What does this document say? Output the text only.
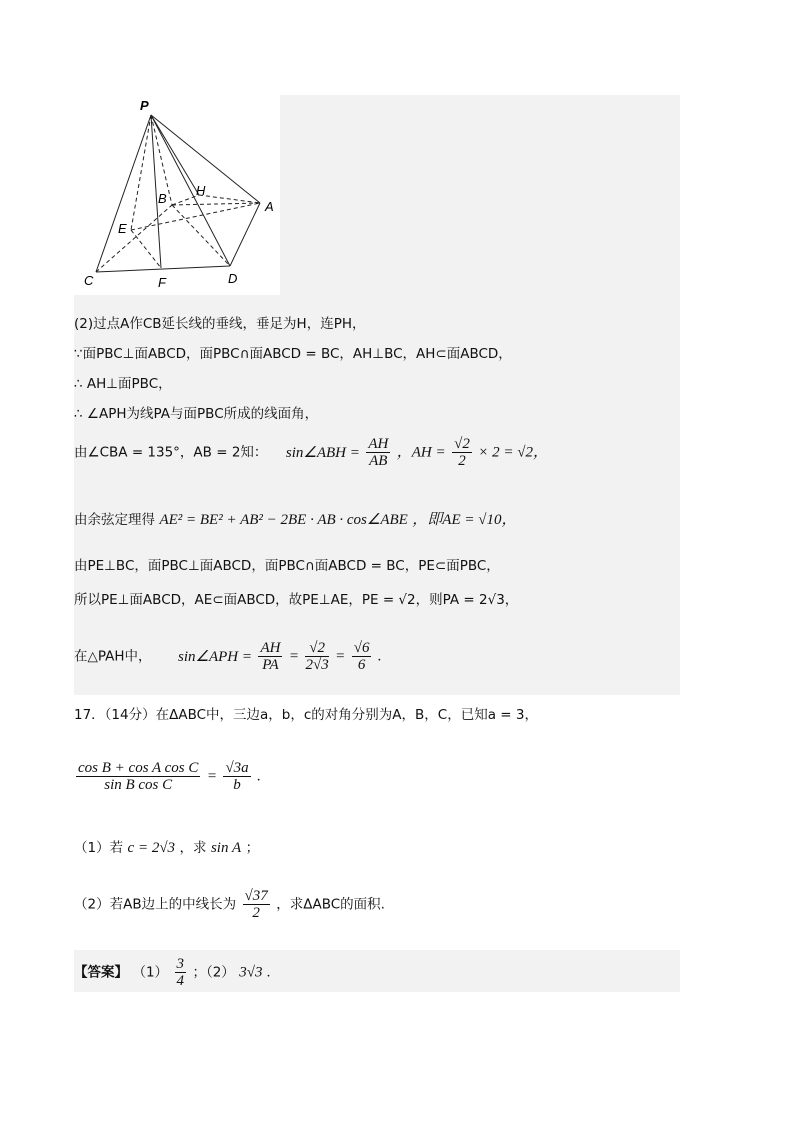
P
H
B
A
E
C	F	D
(2)过点A作CB延长线的垂线，垂足为H，连PH，
∵面PBC⊥面ABCD，面PBC∩面ABCD = BC，AH⊥BC，AH⊂面ABCD，
∴ AH⊥面PBC，
∴ ∠APH为线PA与面PBC所成的线面角，
由∠CBA = 135°，AB = 2知： sin∠ABH = $\frac{AH}{AB}$ ，AH = $\frac{√2}{2} \times 2 = √2$，
由余弦定理得 AE² = BE² + AB² − 2BE · AB · cos∠ABE ，即AE = √10，
由PE⊥BC，面PBC⊥面ABCD，面PBC∩面ABCD = BC，PE⊂面PBC，
所以PE⊥面ABCD，AE⊂面ABCD，故PE⊥AE，PE = √2，则PA = 2√3，
在△PAH中， sin∠APH = $\frac{AH}{PA} = \frac{√2}{2√3} = \frac{√6}{6}$ .
17．（14分）在ΔABC中，三边a，b，c的对角分别为A，B，C，已知a = 3，
$\frac{\text{cos B + cos A cos C}}{\text{sin B cos C}} = \frac{√3a}{b}$ .
（1）若 c = 2√3 ，求 sin A ；
（2）若AB边上的中线长为 $\frac{√37}{2}$ ，求ΔABC的面积.
【答案】 $(1) \frac{3}{4}$ ；（2） 3√3 .
